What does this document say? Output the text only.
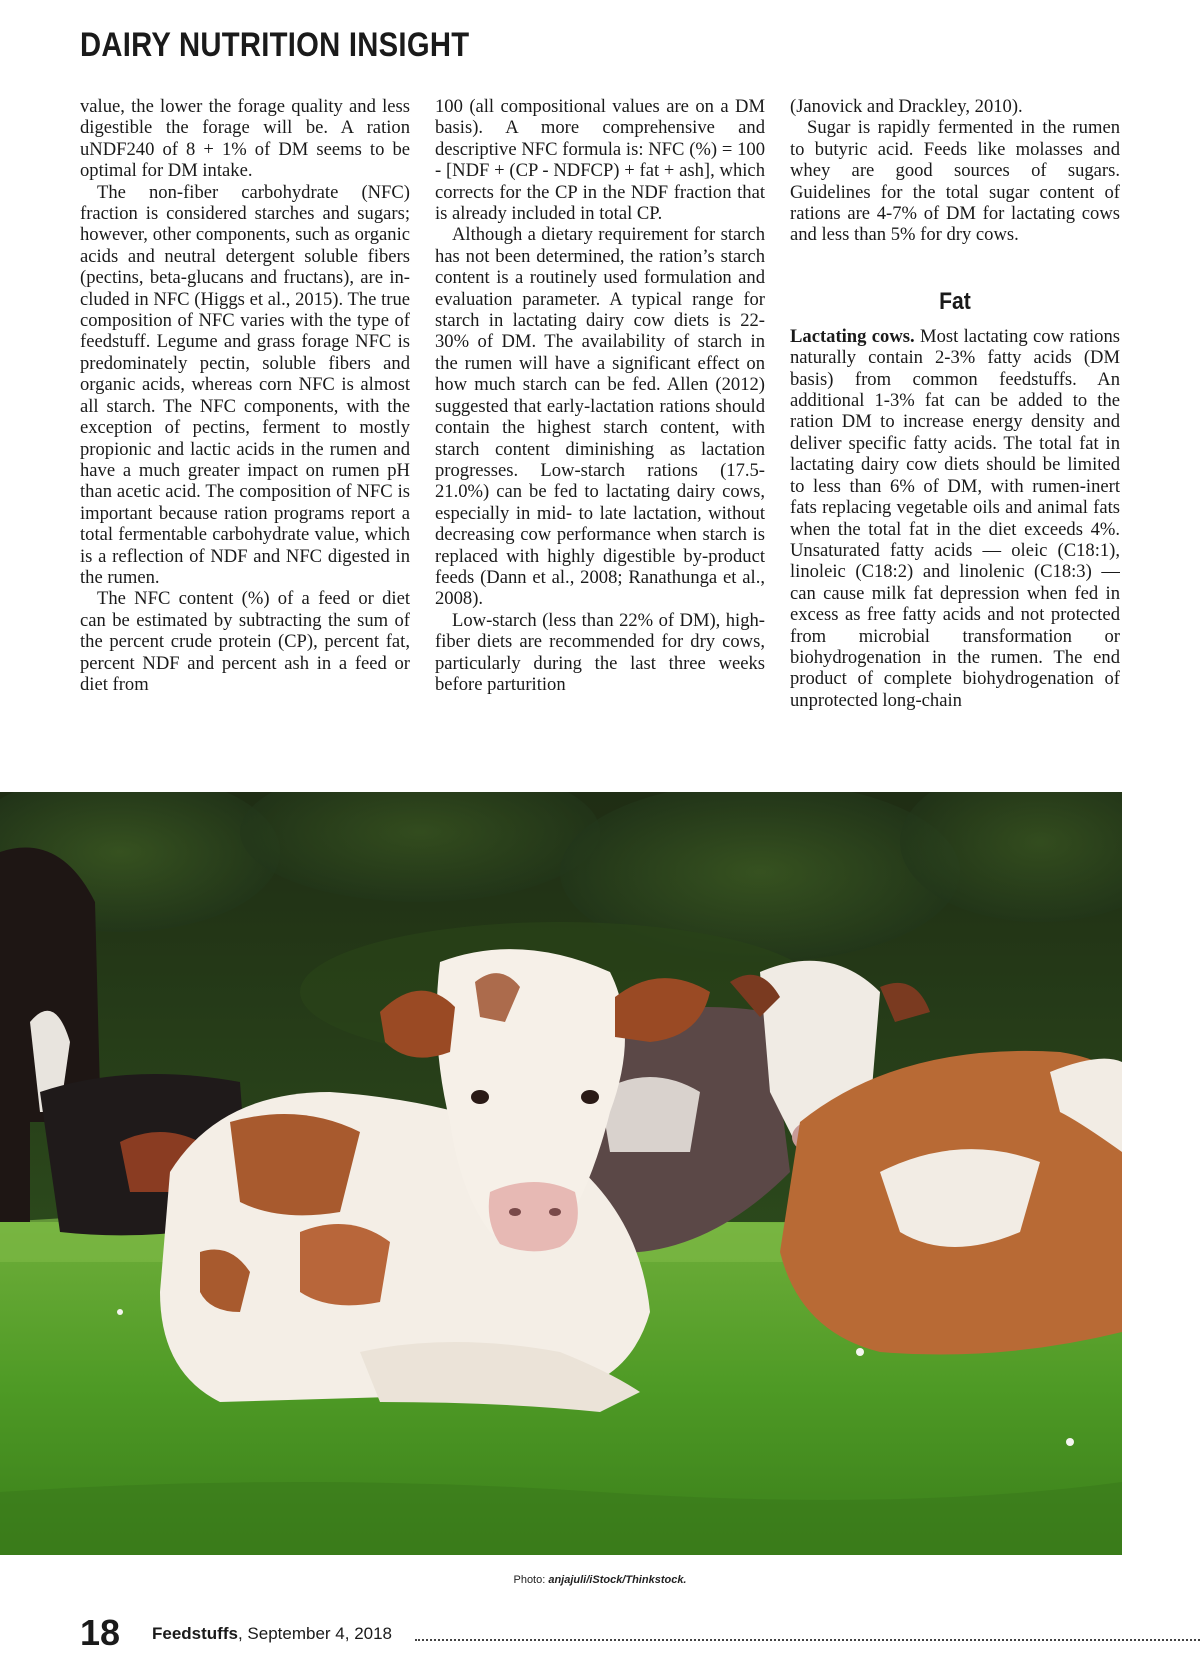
DAIRY NUTRITION INSIGHT

value, the lower the forage quality and less digestible the forage will be. A ration uNDF240 of 8 + 1% of DM seems to be optimal for DM intake.

The non-fiber carbohydrate (NFC) fraction is considered starches and sugars; however, other components, such as organic acids and neutral detergent soluble fibers (pectins, beta-glucans and fructans), are included in NFC (Higgs et al., 2015). The true composition of NFC varies with the type of feedstuff. Legume and grass forage NFC is predominately pectin, soluble fibers and organic acids, whereas corn NFC is almost all starch. The NFC components, with the exception of pectins, ferment to mostly propionic and lactic acids in the rumen and have a much greater impact on rumen pH than acetic acid. The composition of NFC is important because ration programs report a total fermentable carbohydrate value, which is a reflection of NDF and NFC digested in the rumen.

The NFC content (%) of a feed or diet can be estimated by subtracting the sum of the percent crude protein (CP), percent fat, percent NDF and percent ash in a feed or diet from

100 (all compositional values are on a DM basis). A more comprehensive and descriptive NFC formula is: NFC (%) = 100 - [NDF + (CP - NDFCP) + fat + ash], which corrects for the CP in the NDF fraction that is already included in total CP.

Although a dietary requirement for starch has not been determined, the ration’s starch content is a routinely used formulation and evaluation parameter. A typical range for starch in lactating dairy cow diets is 22-30% of DM. The availability of starch in the rumen will have a significant effect on how much starch can be fed. Allen (2012) suggested that early-lactation rations should contain the highest starch content, with starch content diminishing as lactation progresses. Low-starch rations (17.5-21.0%) can be fed to lactating dairy cows, especially in mid- to late lactation, without decreasing cow performance when starch is replaced with highly digestible by-product feeds (Dann et al., 2008; Ranathunga et al., 2008).

Low-starch (less than 22% of DM), high-fiber diets are recommended for dry cows, particularly during the last three weeks before parturition

(Janovick and Drackley, 2010).

Sugar is rapidly fermented in the rumen to butyric acid. Feeds like molasses and whey are good sources of sugars. Guidelines for the total sugar content of rations are 4-7% of DM for lactating cows and less than 5% for dry cows.

Fat

Lactating cows. Most lactating cow rations naturally contain 2-3% fatty acids (DM basis) from common feedstuffs. An additional 1-3% fat can be added to the ration DM to increase energy density and deliver specific fatty acids. The total fat in lactating dairy cow diets should be limited to less than 6% of DM, with rumen-inert fats replacing vegetable oils and animal fats when the total fat in the diet exceeds 4%. Unsaturated fatty acids — oleic (C18:1), linoleic (C18:2) and linolenic (C18:3) — can cause milk fat depression when fed in excess as free fatty acids and not protected from microbial transformation or biohydrogenation in the rumen. The end product of complete biohydrogenation of unprotected long-chain

Photo: anjajuli/iStock/Thinkstock.
18 Feedstuffs, September 4, 2018
